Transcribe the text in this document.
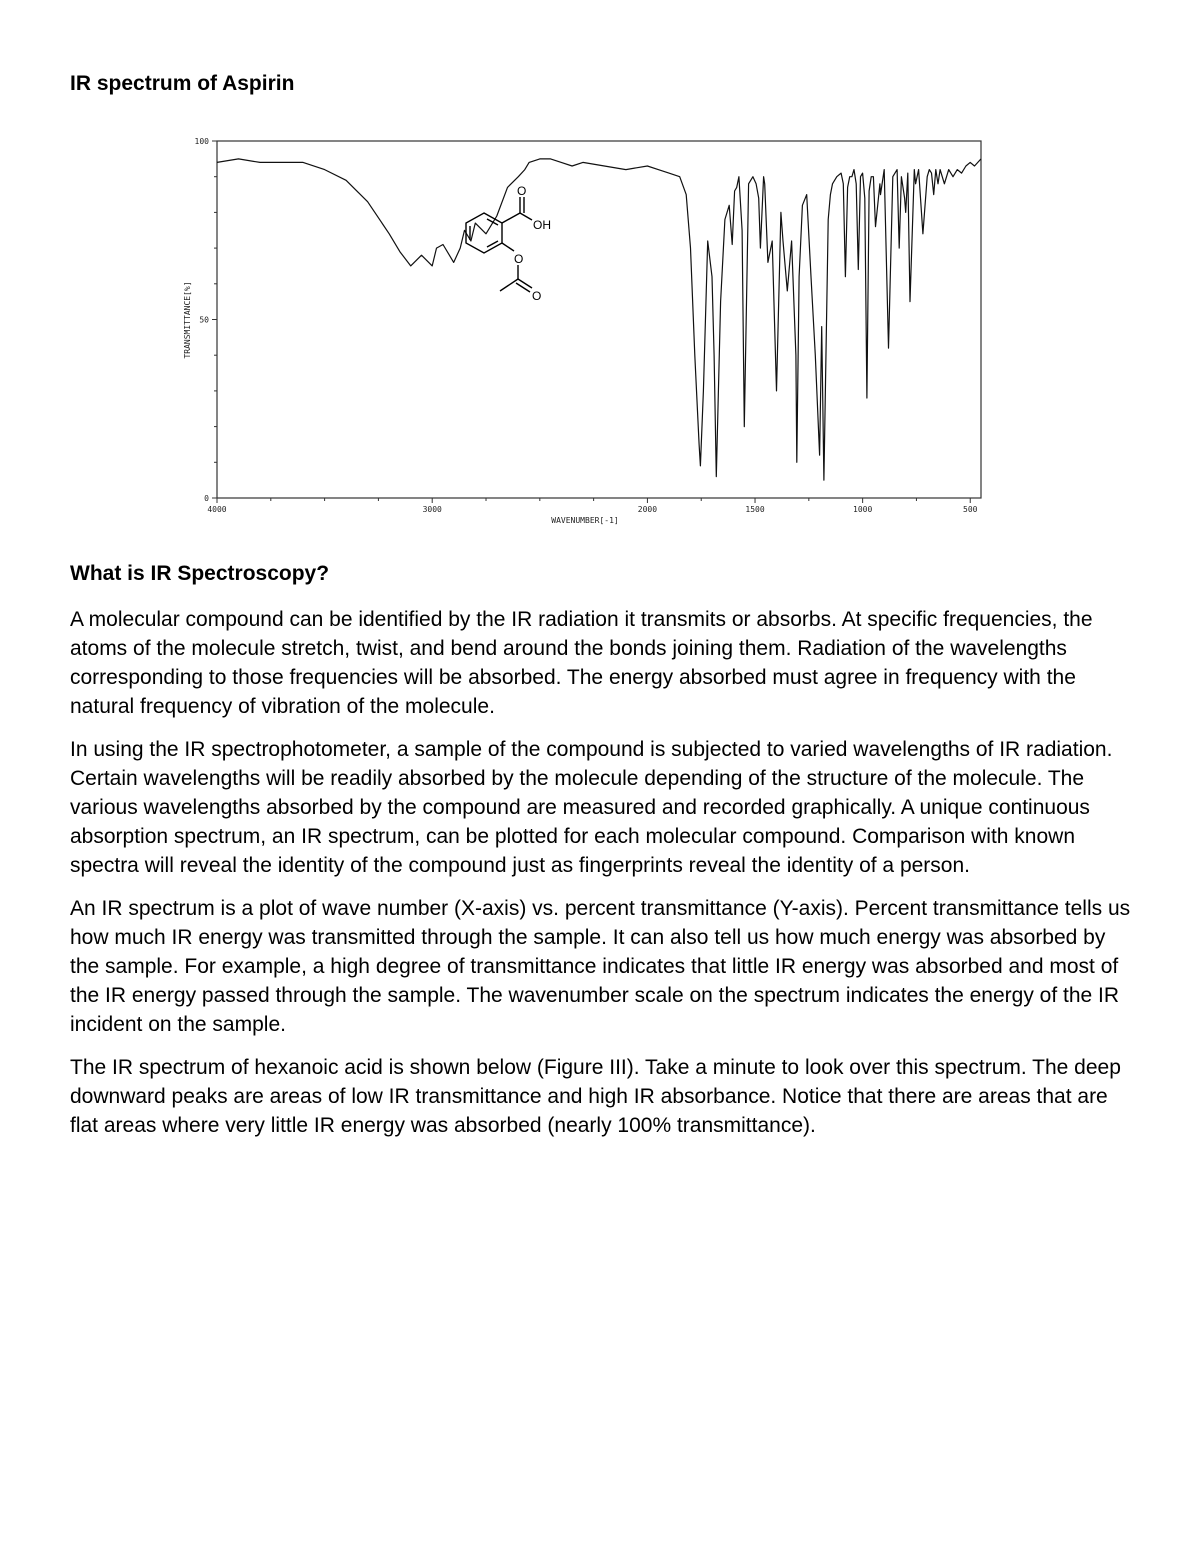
IR spectrum of Aspirin
0
50
100
4000	3000	2000	1500	1000	500
TRANSMITTANCE[%]
WAVENUMBER[-1]
O
OH
O
O
What is IR Spectroscopy?

A molecular compound can be identified by the IR radiation it transmits or absorbs. At specific frequencies, the atoms of the molecule stretch, twist, and bend around the bonds joining them. Radiation of the wavelengths corresponding to those frequencies will be absorbed. The energy absorbed must agree in frequency with the natural frequency of vibration of the molecule.

In using the IR spectrophotometer, a sample of the compound is subjected to varied wavelengths of IR radiation. Certain wavelengths will be readily absorbed by the molecule depending of the structure of the molecule. The various wavelengths absorbed by the compound are measured and recorded graphically. A unique continuous absorption spectrum, an IR spectrum, can be plotted for each molecular compound. Comparison with known spectra will reveal the identity of the compound just as fingerprints reveal the identity of a person.

An IR spectrum is a plot of wave number (X-axis) vs. percent transmittance (Y-axis). Percent transmittance tells us how much IR energy was transmitted through the sample. It can also tell us how much energy was absorbed by the sample. For example, a high degree of transmittance indicates that little IR energy was absorbed and most of the IR energy passed through the sample. The wavenumber scale on the spectrum indicates the energy of the IR incident on the sample.

The IR spectrum of hexanoic acid is shown below (Figure III). Take a minute to look over this spectrum. The deep downward peaks are areas of low IR transmittance and high IR absorbance. Notice that there are areas that are flat areas where very little IR energy was absorbed (nearly 100% transmittance).
